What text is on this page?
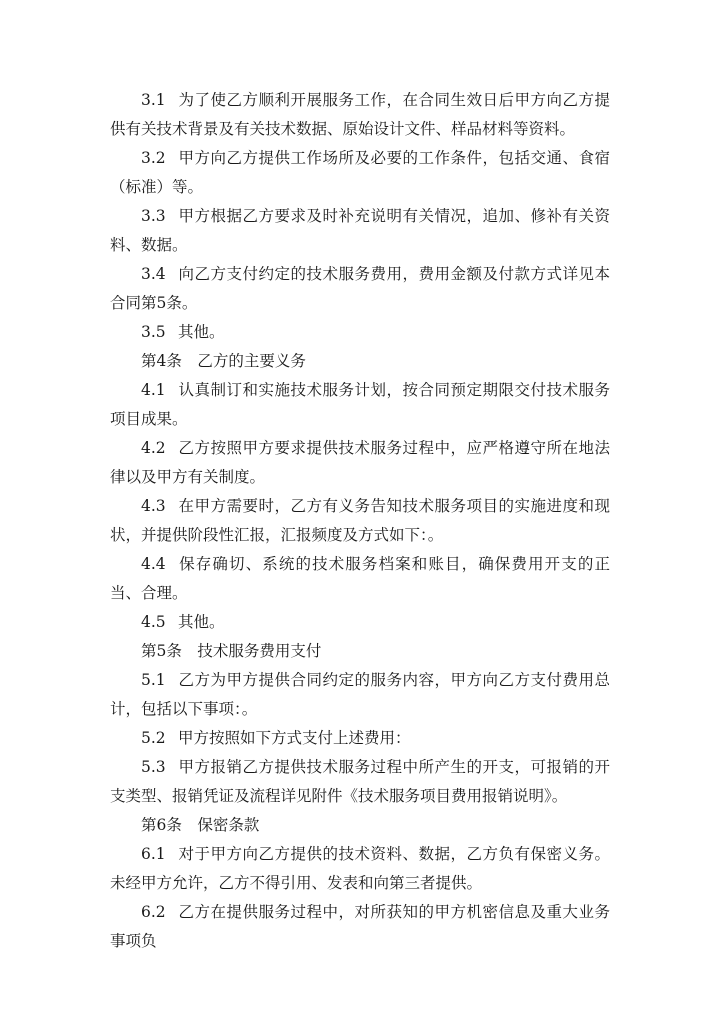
3.1 为了使乙方顺利开展服务工作，在合同生效日后甲方向乙方提供有关技术背景及有关技术数据、原始设计文件、样品材料等资料。

3.2 甲方向乙方提供工作场所及必要的工作条件，包括交通、食宿（标准）等。

3.3 甲方根据乙方要求及时补充说明有关情况，追加、修补有关资料、数据。

3.4 向乙方支付约定的技术服务费用，费用金额及付款方式详见本合同第5条。

3.5 其他。

第4条 乙方的主要义务

4.1 认真制订和实施技术服务计划，按合同预定期限交付技术服务项目成果。

4.2 乙方按照甲方要求提供技术服务过程中，应严格遵守所在地法律以及甲方有关制度。

4.3 在甲方需要时，乙方有义务告知技术服务项目的实施进度和现状，并提供阶段性汇报，汇报频度及方式如下：。

4.4 保存确切、系统的技术服务档案和账目，确保费用开支的正当、合理。

4.5 其他。

第5条 技术服务费用支付

5.1 乙方为甲方提供合同约定的服务内容，甲方向乙方支付费用总计，包括以下事项：。

5.2 甲方按照如下方式支付上述费用：

5.3 甲方报销乙方提供技术服务过程中所产生的开支，可报销的开支类型、报销凭证及流程详见附件《技术服务项目费用报销说明》。

第6条 保密条款

6.1 对于甲方向乙方提供的技术资料、数据，乙方负有保密义务。未经甲方允许，乙方不得引用、发表和向第三者提供。

6.2 乙方在提供服务过程中，对所获知的甲方机密信息及重大业务事项负
